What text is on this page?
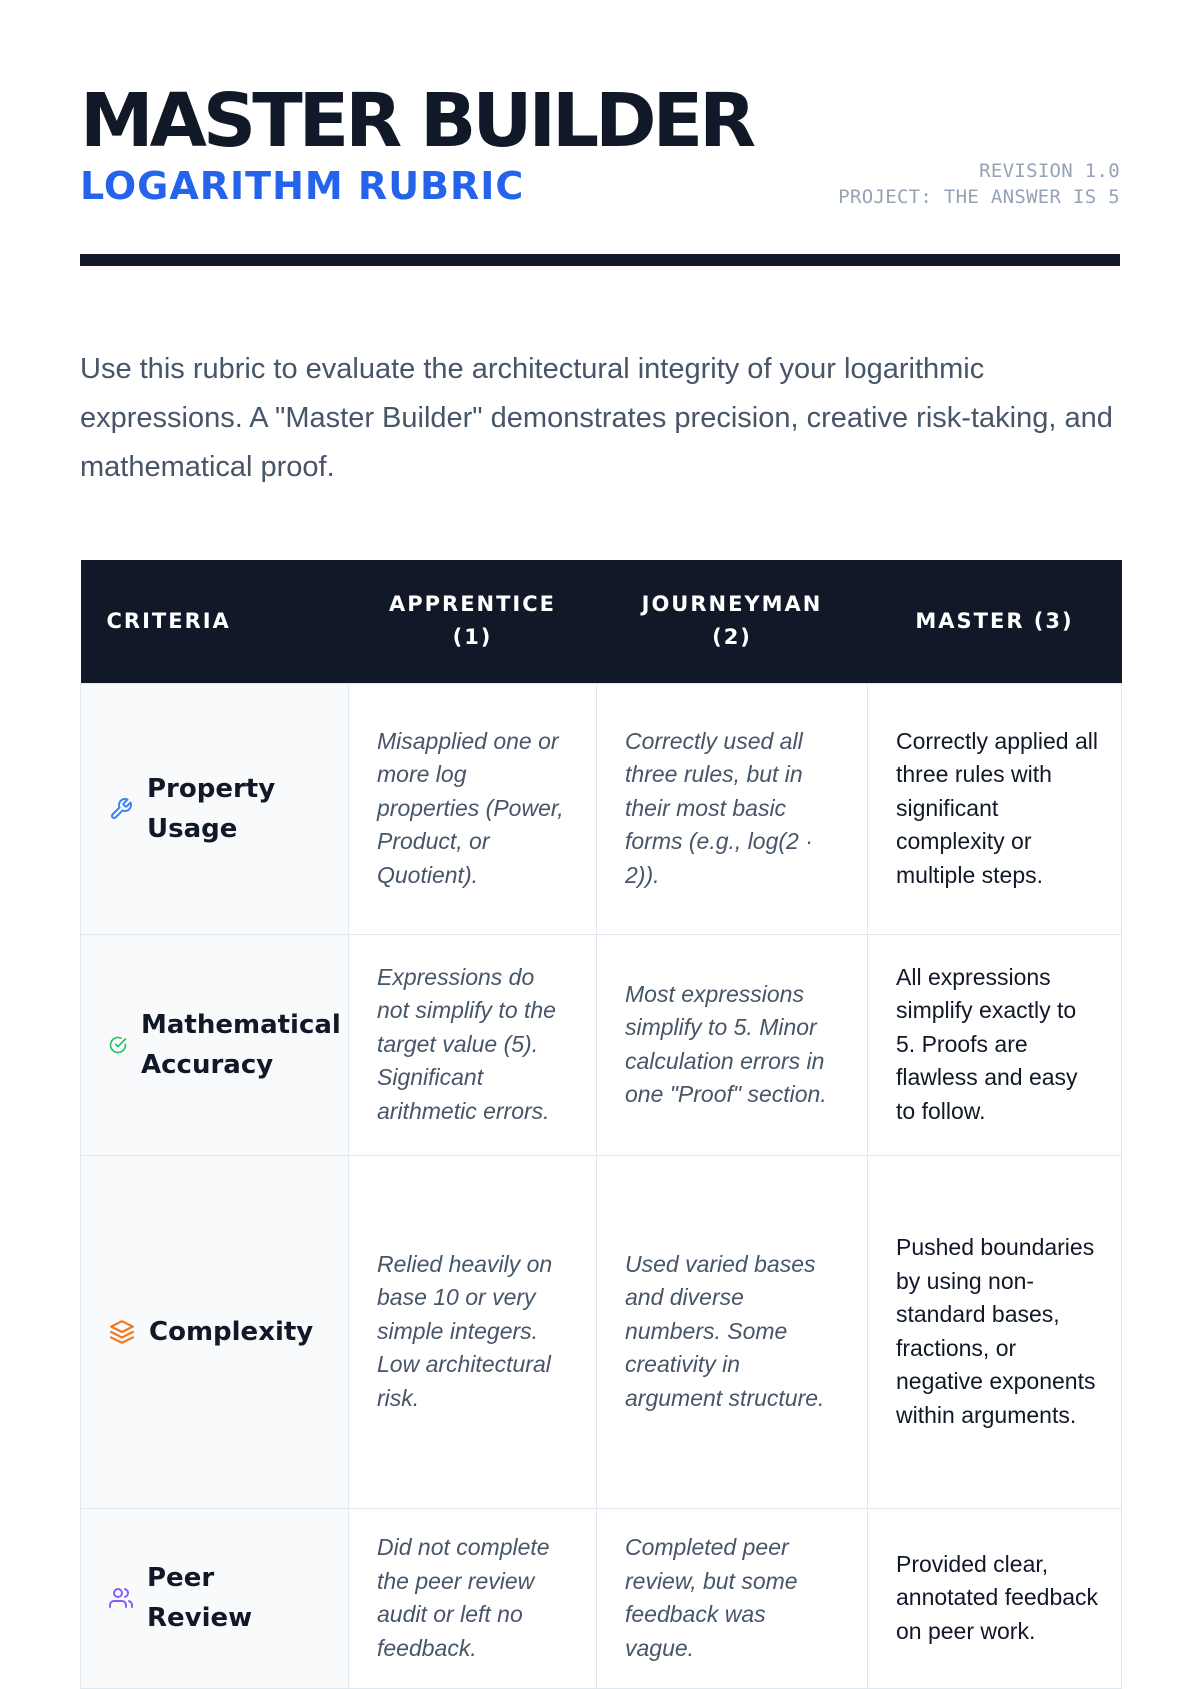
MASTER BUILDER
LOGARITHM RUBRIC	REVISION 1.0
PROJECT: THE ANSWER IS 5

Use this rubric to evaluate the architectural integrity of your logarithmic expressions. A "Master Builder" demonstrates precision, creative risk-taking, and mathematical proof.

CRITERIA	APPRENTICE (1)	JOURNEYMAN (2)	MASTER (3)

Property Usage	Misapplied one or more log properties (Power, Product, or Quotient).	Correctly used all three rules, but in their most basic forms (e.g., log(2 · 2)).	Correctly applied all three rules with significant complexity or multiple steps.

Mathematical Accuracy	Expressions do not simplify to the target value (5). Significant arithmetic errors.	Most expressions simplify to 5. Minor calculation errors in one "Proof" section.	All expressions simplify exactly to 5. Proofs are flawless and easy to follow.

Complexity	Relied heavily on base 10 or very simple integers. Low architectural risk.	Used varied bases and diverse numbers. Some creativity in argument structure.	Pushed boundaries by using non-standard bases, fractions, or negative exponents within arguments.

Peer Review	Did not complete the peer review audit or left no feedback.	Completed peer review, but some feedback was vague.	Provided clear, annotated feedback on peer work.
